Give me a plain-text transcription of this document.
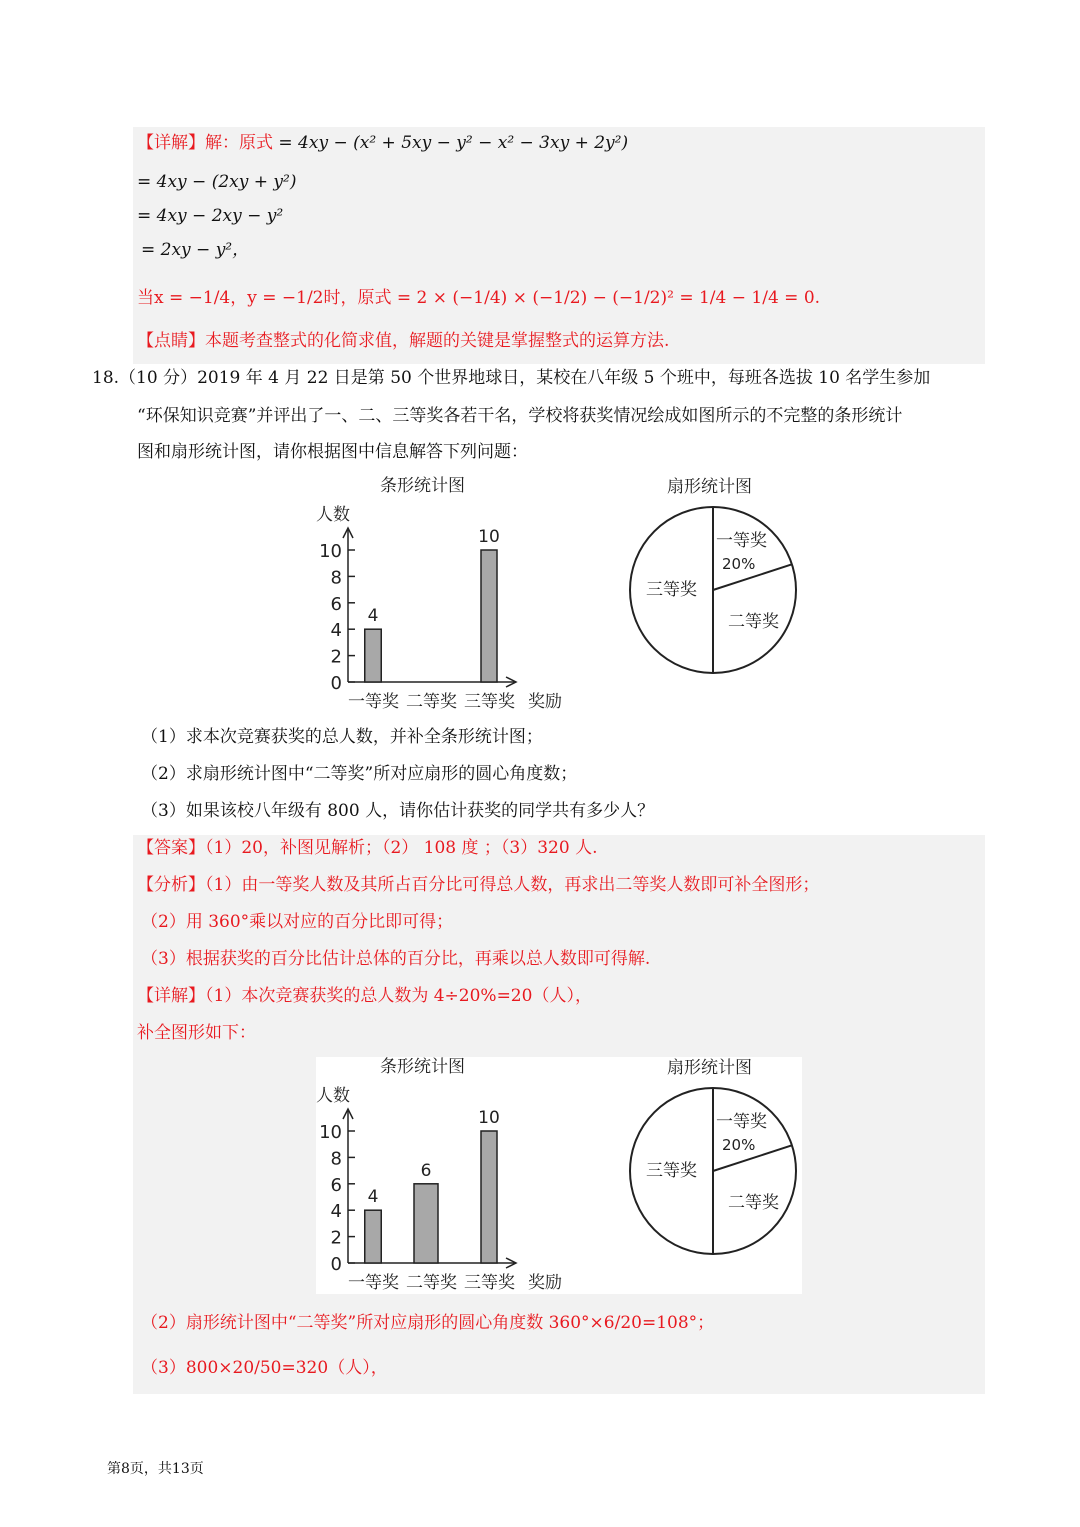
【详解】解：原式 = 4xy − (x² + 5xy − y² − x² − 3xy + 2y²)
= 4xy − (2xy + y²)
= 4xy − 2xy − y²
= 2xy − y²，
当x = −1/4，y = −1/2时，原式 = 2 × (−1/4) × (−1/2) − (−1/2)² = 1/4 − 1/4 = 0.
【点睛】本题考查整式的化简求值，解题的关键是掌握整式的运算方法.
18.（10 分）2019 年 4 月 22 日是第 50 个世界地球日，某校在八年级 5 个班中，每班各选拔 10 名学生参加
“环保知识竞赛”并评出了一、二、三等奖各若干名，学校将获奖情况绘成如图所示的不完整的条形统计
图和扇形统计图，请你根据图中信息解答下列问题：
条形统计图
人数
0
2
4
6
8
10
4
10
一等奖 二等奖 三等奖 奖励
扇形统计图
一等奖
20%
二等奖
三等奖
（1）求本次竞赛获奖的总人数，并补全条形统计图；
（2）求扇形统计图中“二等奖”所对应扇形的圆心角度数；
（3）如果该校八年级有 800 人，请你估计获奖的同学共有多少人？
【答案】（1）20，补图见解析；（2） 108 度 ；（3）320 人.
【分析】（1）由一等奖人数及其所占百分比可得总人数，再求出二等奖人数即可补全图形；
（2）用 360°乘以对应的百分比即可得；
（3）根据获奖的百分比估计总体的百分比，再乘以总人数即可得解.
【详解】（1）本次竞赛获奖的总人数为 4÷20%=20（人），
补全图形如下：
条形统计图
人数
0
2
4
6
8
10
4
6
10
一等奖 二等奖 三等奖 奖励
扇形统计图
一等奖
20%
二等奖
三等奖
（2）扇形统计图中“二等奖”所对应扇形的圆心角度数 360°×6/20=108°；
（3）800×20/50=320（人），
第8页，共13页
